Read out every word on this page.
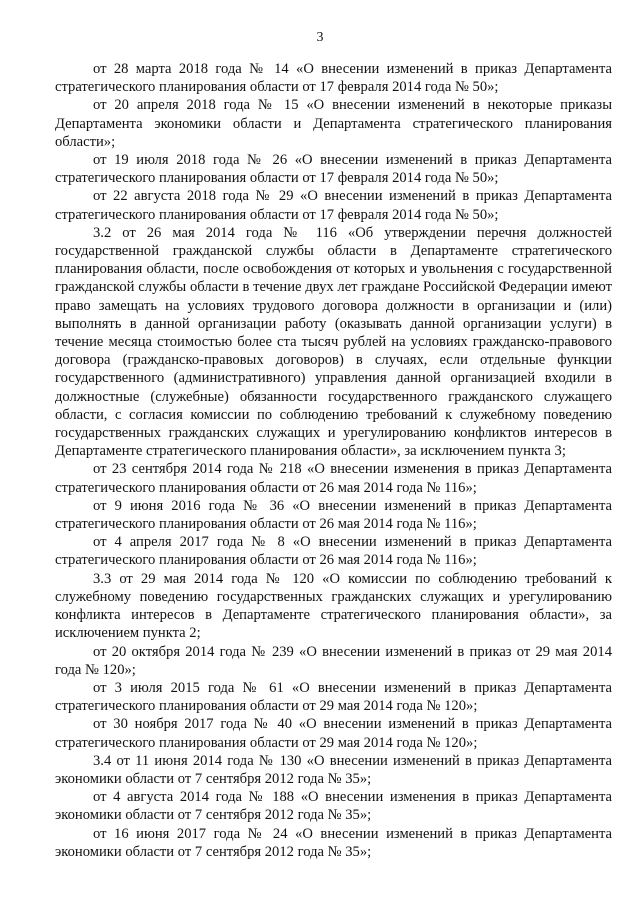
3

от 28 марта 2018 года № 14 «О внесении изменений в приказ Департамента стратегического планирования области от 17 февраля 2014 года № 50»;

от 20 апреля 2018 года № 15 «О внесении изменений в некоторые приказы Департамента экономики области и Департамента стратегического планирования области»;

от 19 июля 2018 года № 26 «О внесении изменений в приказ Департамента стратегического планирования области от 17 февраля 2014 года № 50»;

от 22 августа 2018 года № 29 «О внесении изменений в приказ Департамента стратегического планирования области от 17 февраля 2014 года № 50»;

3.2 от 26 мая 2014 года № 116 «Об утверждении перечня должностей государственной гражданской службы области в Департаменте стратегического планирования области, после освобождения от которых и увольнения с государственной гражданской службы области в течение двух лет граждане Российской Федерации имеют право замещать на условиях трудового договора должности в организации и (или) выполнять в данной организации работу (оказывать данной организации услуги) в течение месяца стоимостью более ста тысяч рублей на условиях гражданско-правового договора (гражданско-правовых договоров) в случаях, если отдельные функции государственного (административного) управления данной организацией входили в должностные (служебные) обязанности государственного гражданского служащего области, с согласия комиссии по соблюдению требований к служебному поведению государственных гражданских служащих и урегулированию конфликтов интересов в Департаменте стратегического планирования области», за исключением пункта 3;

от 23 сентября 2014 года № 218 «О внесении изменения в приказ Департамента стратегического планирования области от 26 мая 2014 года № 116»;

от 9 июня 2016 года № 36 «О внесении изменений в приказ Департамента стратегического планирования области от 26 мая 2014 года № 116»;

от 4 апреля 2017 года № 8 «О внесении изменений в приказ Департамента стратегического планирования области от 26 мая 2014 года № 116»;

3.3 от 29 мая 2014 года № 120 «О комиссии по соблюдению требований к служебному поведению государственных гражданских служащих и урегулированию конфликта интересов в Департаменте стратегического планирования области», за исключением пункта 2;

от 20 октября 2014 года № 239 «О внесении изменений в приказ от 29 мая 2014 года № 120»;

от 3 июля 2015 года № 61 «О внесении изменений в приказ Департамента стратегического планирования области от 29 мая 2014 года № 120»;

от 30 ноября 2017 года № 40 «О внесении изменений в приказ Департамента стратегического планирования области от 29 мая 2014 года № 120»;

3.4 от 11 июня 2014 года № 130 «О внесении изменений в приказ Департамента экономики области от 7 сентября 2012 года № 35»;

от 4 августа 2014 года № 188 «О внесении изменения в приказ Департамента экономики области от 7 сентября 2012 года № 35»;

от 16 июня 2017 года № 24 «О внесении изменений в приказ Департамента экономики области от 7 сентября 2012 года № 35»;
